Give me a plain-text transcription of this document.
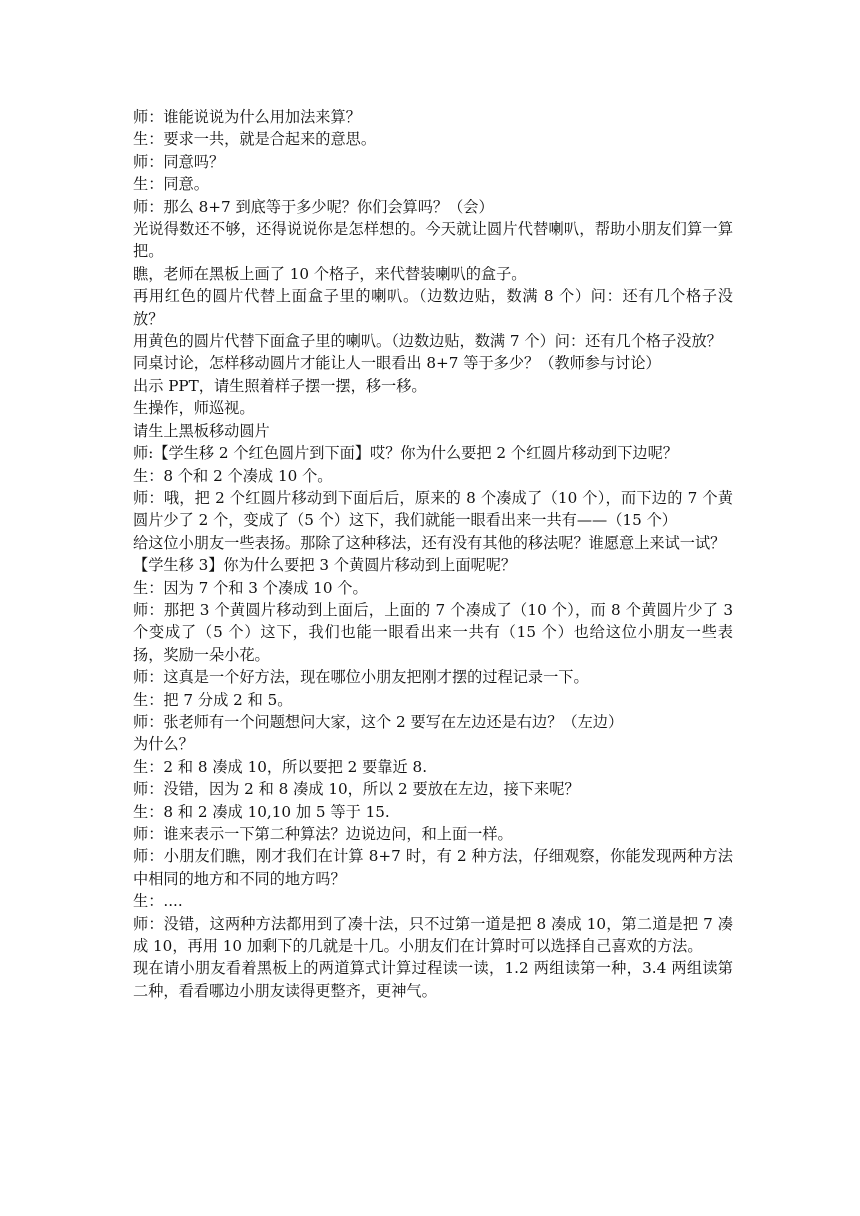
师：谁能说说为什么用加法来算？

生：要求一共，就是合起来的意思。

师：同意吗？

生：同意。

师：那么 8+7 到底等于多少呢？你们会算吗？（会）

光说得数还不够，还得说说你是怎样想的。今天就让圆片代替喇叭，帮助小朋友们算一算把。

瞧，老师在黑板上画了 10 个格子，来代替装喇叭的盒子。

再用红色的圆片代替上面盒子里的喇叭。（边数边贴，数满 8 个）问：还有几个格子没放？

用黄色的圆片代替下面盒子里的喇叭。（边数边贴，数满 7 个）问：还有几个格子没放？

同桌讨论，怎样移动圆片才能让人一眼看出 8+7 等于多少？（教师参与讨论）

出示 PPT，请生照着样子摆一摆，移一移。

生操作，师巡视。

请生上黑板移动圆片

师:【学生移 2 个红色圆片到下面】哎？你为什么要把 2 个红圆片移动到下边呢？

生：8 个和 2 个凑成 10 个。

师：哦，把 2 个红圆片移动到下面后后，原来的 8 个凑成了（10 个），而下边的 7 个黄圆片少了 2 个，变成了（5 个）这下，我们就能一眼看出来一共有——（15 个）

给这位小朋友一些表扬。那除了这种移法，还有没有其他的移法呢？谁愿意上来试一试？

【学生移 3】你为什么要把 3 个黄圆片移动到上面呢呢？

生：因为 7 个和 3 个凑成 10 个。

师：那把 3 个黄圆片移动到上面后，上面的 7 个凑成了（10 个），而 8 个黄圆片少了 3 个变成了（5 个）这下，我们也能一眼看出来一共有（15 个）也给这位小朋友一些表扬，奖励一朵小花。

师：这真是一个好方法，现在哪位小朋友把刚才摆的过程记录一下。

生：把 7 分成 2 和 5。

师：张老师有一个问题想问大家，这个 2 要写在左边还是右边？（左边）

为什么？

生：2 和 8 凑成 10，所以要把 2 要靠近 8.

师：没错，因为 2 和 8 凑成 10，所以 2 要放在左边，接下来呢？

生：8 和 2 凑成 10,10 加 5 等于 15.

师：谁来表示一下第二种算法？边说边问，和上面一样。

师：小朋友们瞧，刚才我们在计算 8+7 时，有 2 种方法，仔细观察，你能发现两种方法中相同的地方和不同的地方吗？

生：....

师：没错，这两种方法都用到了凑十法，只不过第一道是把 8 凑成 10，第二道是把 7 凑成 10，再用 10 加剩下的几就是十几。小朋友们在计算时可以选择自己喜欢的方法。

现在请小朋友看着黑板上的两道算式计算过程读一读，1.2 两组读第一种，3.4 两组读第二种，看看哪边小朋友读得更整齐，更神气。
